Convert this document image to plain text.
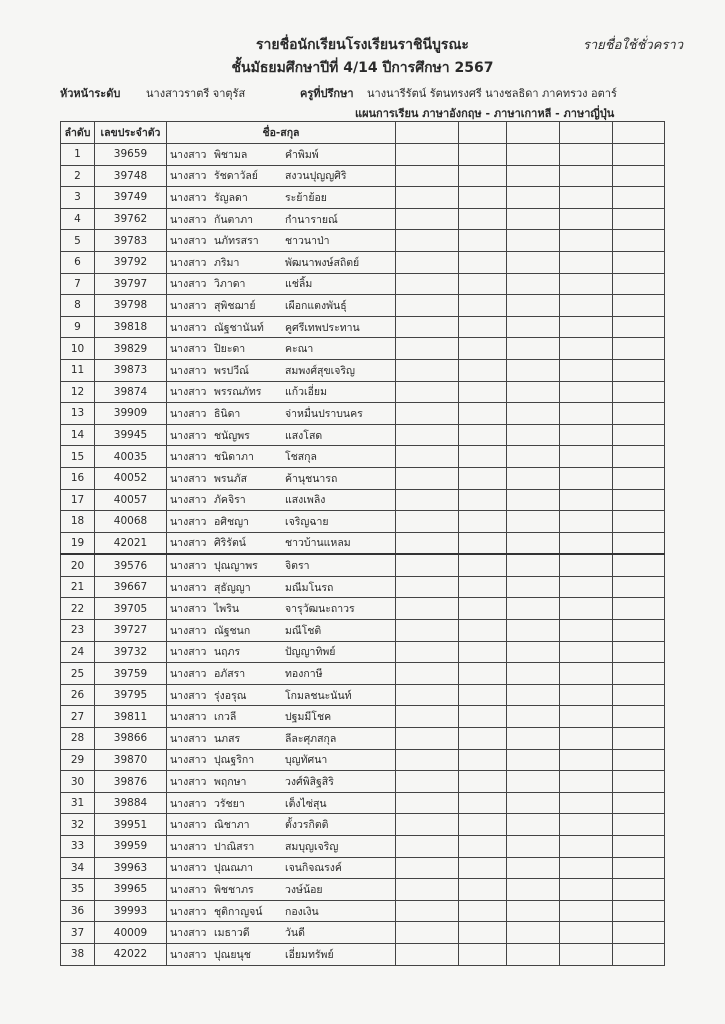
รายชื่อนักเรียนโรงเรียนราชินีบูรณะ	รายชื่อใช้ชั่วคราว
ชั้นมัธยมศึกษาปีที่ 4/14 ปีการศึกษา 2567
หัวหน้าระดับ นางสาวราตรี จาตุรัส	ครูที่ปรึกษา นางนารีรัตน์ รัตนทรงศรี นางชลธิดา ภาคทรวง อตาร์
แผนการเรียน ภาษาอังกฤษ - ภาษาเกาหลี - ภาษาญี่ปุ่น
ลำดับ	เลขประจำตัว	ชื่อ-สกุล					
1	39659	นางสาว พิชามล คำพิมพ์					
2	39748	นางสาว รัชดาวัลย์ สงวนปุญญศิริ					
3	39749	นางสาว รัญลดา ระย้าย้อย					
4	39762	นางสาว กันตาภา กำนารายณ์					
5	39783	นางสาว นภัทรสรา ชาวนาป่า					
6	39792	นางสาว ภริมา พัฒนาพงษ์สถิตย์					
7	39797	นางสาว วิภาดา แช่ลิ้ม					
8	39798	นางสาว สุพิชฌาย์ เผือกแตงพันธุ์					
9	39818	นางสาว ณัฐชานันท์ คูศรีเทพประทาน					
10	39829	นางสาว ปิยะดา คะณา					
11	39873	นางสาว พรปวีณ์ สมพงศ์สุขเจริญ					
12	39874	นางสาว พรรณภัทร แก้วเอี่ยม					
13	39909	นางสาว ธินิดา จ่าหมื่นปราบนคร					
14	39945	นางสาว ชนัญพร แสงโสด					
15	40035	นางสาว ชนิดาภา โชสกุล					
16	40052	นางสาว พรนภัส ค้านุชนารถ					
17	40057	นางสาว ภัคจิรา แสงเพลิง					
18	40068	นางสาว อศิชญา เจริญฉาย					
19	42021	นางสาว ศิริรัตน์ ชาวบ้านแหลม					
20	39576	นางสาว ปุณญาพร จิตรา					
21	39667	นางสาว สุธัญญา มณีมโนรถ					
22	39705	นางสาว ไพริน จารุวัฒนะถาวร					
23	39727	นางสาว ณัฐชนก มณีโชติ					
24	39732	นางสาว นฤภร ปัญญาทิพย์					
25	39759	นางสาว อภัสรา ทองกาษี					
26	39795	นางสาว รุ่งอรุณ โกมลชนะนันท์					
27	39811	นางสาว เกวลี ปฐมมีโชค					
28	39866	นางสาว นภสร ลีละศุภสกุล					
29	39870	นางสาว ปุณฐริกา บุญทัศนา					
30	39876	นางสาว พฤกษา วงศ์พิสิฐสิริ					
31	39884	นางสาว วรัชยา เต็งไซ่สุน					
32	39951	นางสาว ณิชาภา ตั้งวรกิตติ					
33	39959	นางสาว ปาณิสรา สมบุญเจริญ					
34	39963	นางสาว ปุณณภา เจนกิจณรงค์					
35	39965	นางสาว พิชชาภร วงษ์น้อย					
36	39993	นางสาว ชุติกาญจน์ กองเงิน					
37	40009	นางสาว เมธาวดี วันดี					
38	42022	นางสาว ปุณยนุช เอี่ยมทรัพย์					
